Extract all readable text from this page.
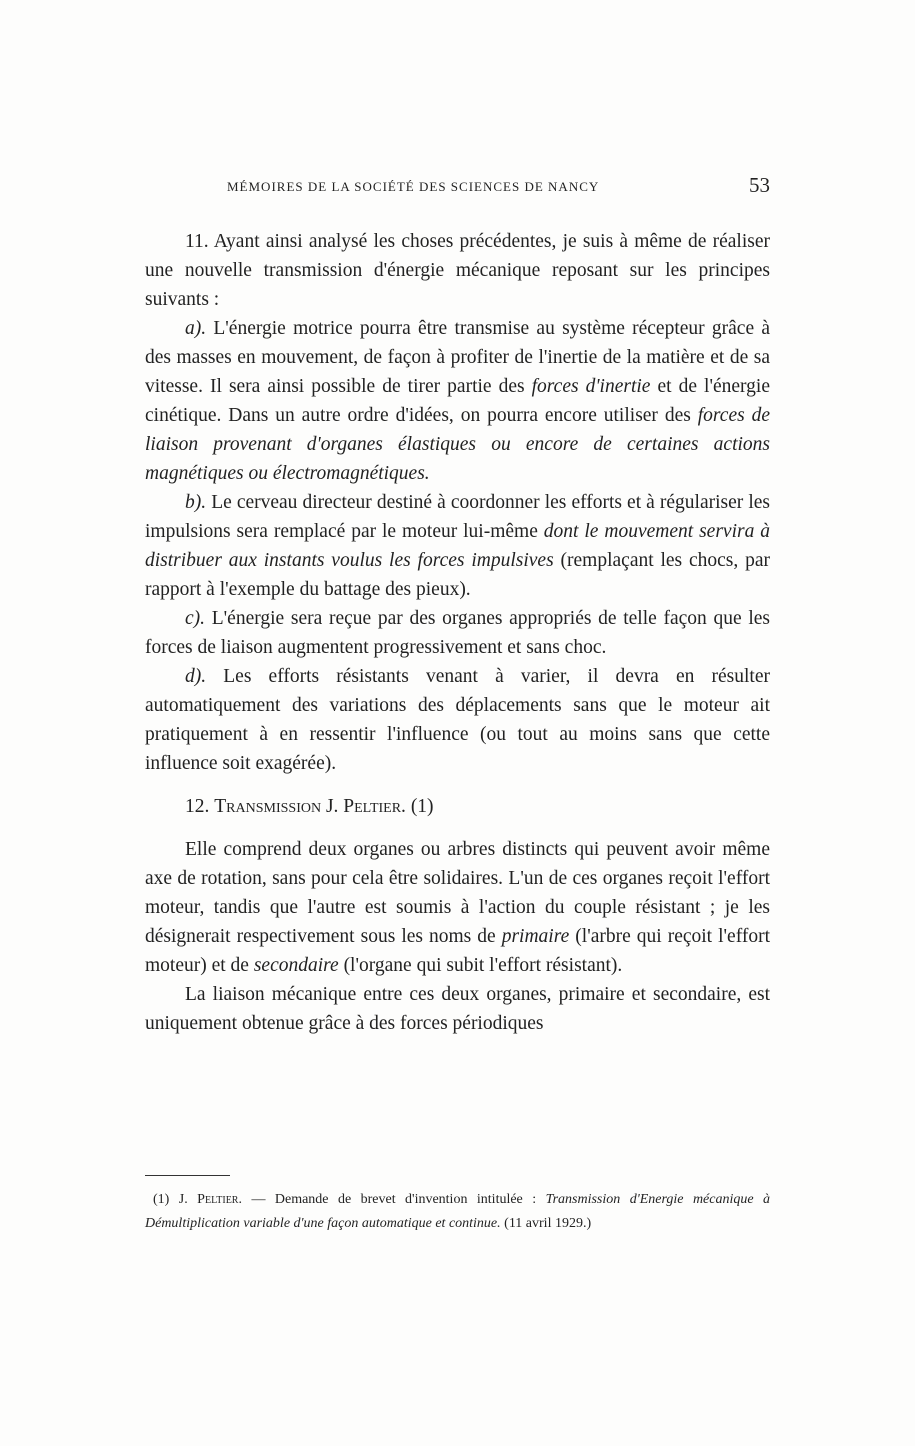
MÉMOIRES DE LA SOCIÉTÉ DES SCIENCES DE NANCY	53

11. Ayant ainsi analysé les choses précédentes, je suis à même de réaliser une nouvelle transmission d'énergie mécanique reposant sur les principes suivants :

a). L'énergie motrice pourra être transmise au système récepteur grâce à des masses en mouvement, de façon à profiter de l'inertie de la matière et de sa vitesse. Il sera ainsi possible de tirer partie des forces d'inertie et de l'énergie cinétique. Dans un autre ordre d'idées, on pourra encore utiliser des forces de liaison provenant d'organes élastiques ou encore de certaines actions magnétiques ou électromagnétiques.

b). Le cerveau directeur destiné à coordonner les efforts et à régulariser les impulsions sera remplacé par le moteur lui-même dont le mouvement servira à distribuer aux instants voulus les forces impulsives (remplaçant les chocs, par rapport à l'exemple du battage des pieux).

c). L'énergie sera reçue par des organes appropriés de telle façon que les forces de liaison augmentent progressivement et sans choc.

d). Les efforts résistants venant à varier, il devra en résulter automatiquement des variations des déplacements sans que le moteur ait pratiquement à en ressentir l'influence (ou tout au moins sans que cette influence soit exagérée).

12. Transmission J. Peltier. (1)

Elle comprend deux organes ou arbres distincts qui peuvent avoir même axe de rotation, sans pour cela être solidaires. L'un de ces organes reçoit l'effort moteur, tandis que l'autre est soumis à l'action du couple résistant ; je les désignerait respectivement sous les noms de primaire (l'arbre qui reçoit l'effort moteur) et de secondaire (l'organe qui subit l'effort résistant).

La liaison mécanique entre ces deux organes, primaire et secondaire, est uniquement obtenue grâce à des forces périodiques

(1) J. Peltier. — Demande de brevet d'invention intitulée : Transmission d'Energie mécanique à Démultiplication variable d'une façon automatique et continue. (11 avril 1929.)
